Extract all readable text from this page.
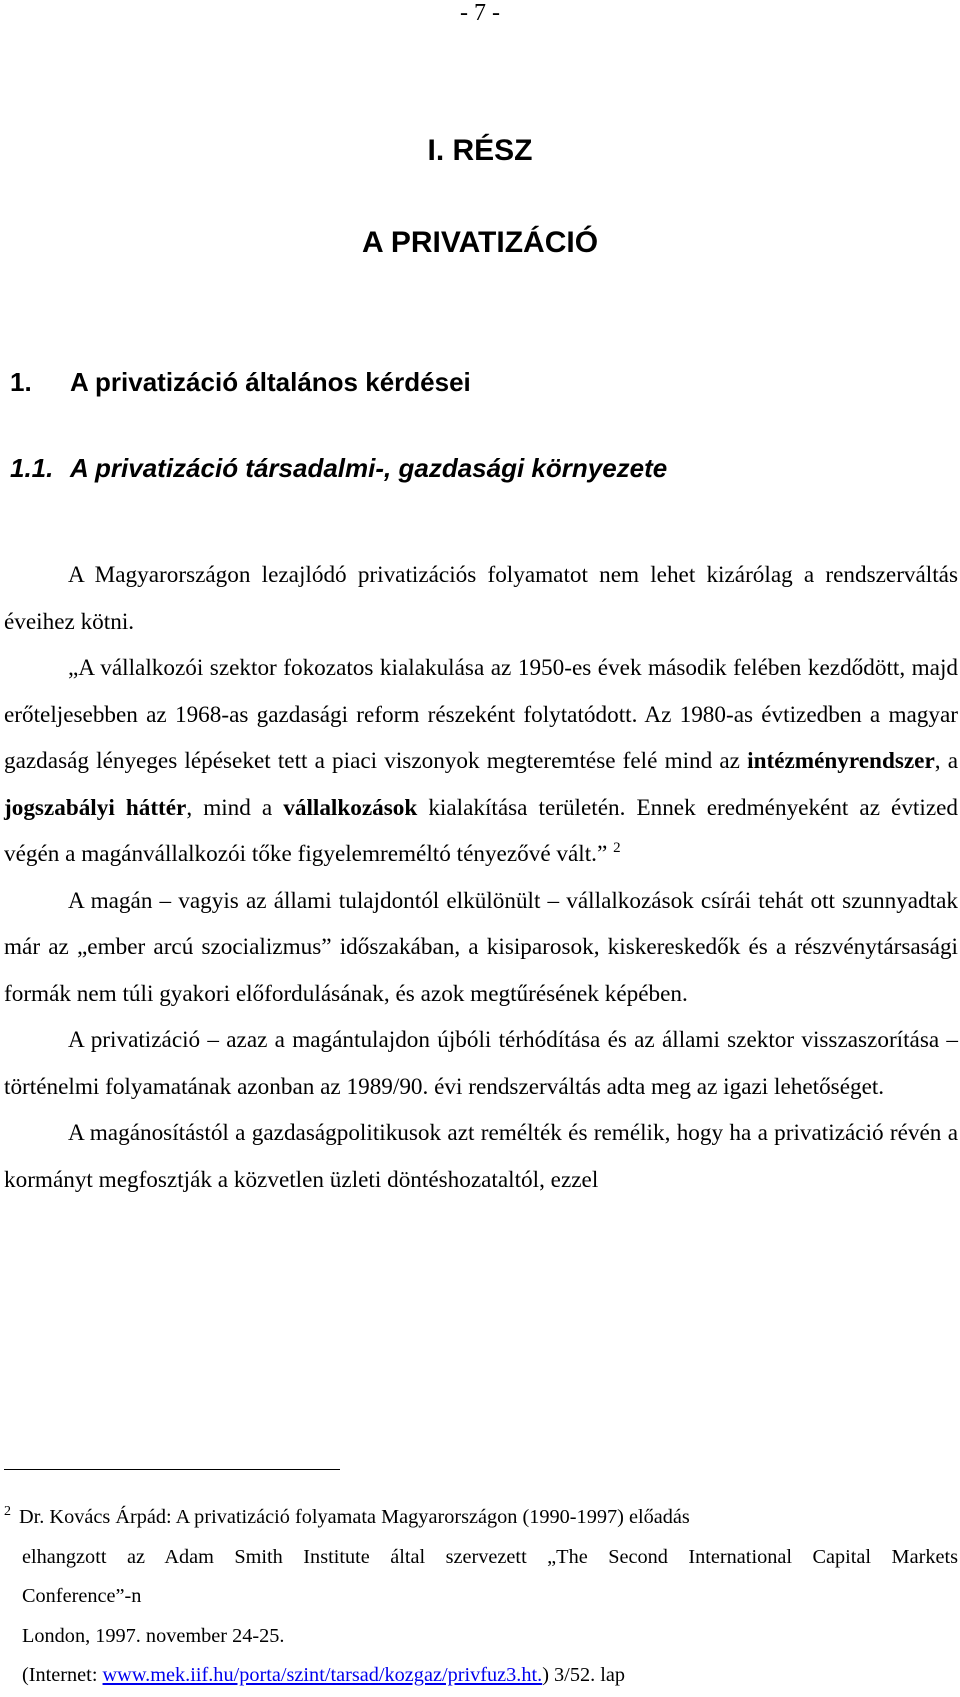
- 7 -
I. RÉSZ
A PRIVATIZÁCIÓ
1. A privatizáció általános kérdései
1.1. A privatizáció társadalmi-, gazdasági környezete

A Magyarországon lezajlódó privatizációs folyamatot nem lehet kizárólag a rendszerváltás éveihez kötni.

„A vállalkozói szektor fokozatos kialakulása az 1950-es évek második felében kezdődött, majd erőteljesebben az 1968-as gazdasági reform részeként folytatódott. Az 1980-as évtizedben a magyar gazdaság lényeges lépéseket tett a piaci viszonyok megteremtése felé mind az intézményrendszer, a jogszabályi háttér, mind a vállalkozások kialakítása területén. Ennek eredményeként az évtized végén a magánvállalkozói tőke figyelemreméltó tényezővé vált.” $^2$

A magán – vagyis az állami tulajdontól elkülönült – vállalkozások csírái tehát ott szunnyadtak már az „ember arcú szocializmus” időszakában, a kisiparosok, kiskereskedők és a részvénytársasági formák nem túli gyakori előfordulásának, és azok megtűrésének képében.

A privatizáció – azaz a magántulajdon újbóli térhódítása és az állami szektor visszaszorítása – történelmi folyamatának azonban az 1989/90. évi rendszerváltás adta meg az igazi lehetőséget.

A magánosítástól a gazdaságpolitikusok azt remélték és remélik, hogy ha a privatizáció révén a kormányt megfosztják a közvetlen üzleti döntéshozataltól, ezzel

$^2$ Dr. Kovács Árpád: A privatizáció folyamata Magyarországon (1990-1997) előadás
elhangzott az Adam Smith Institute által szervezett „The Second International Capital Markets
Conference”-n
London, 1997. november 24-25.
(Internet: www.mek.iif.hu/porta/szint/tarsad/kozgaz/privfuz3.ht.) 3/52. lap
